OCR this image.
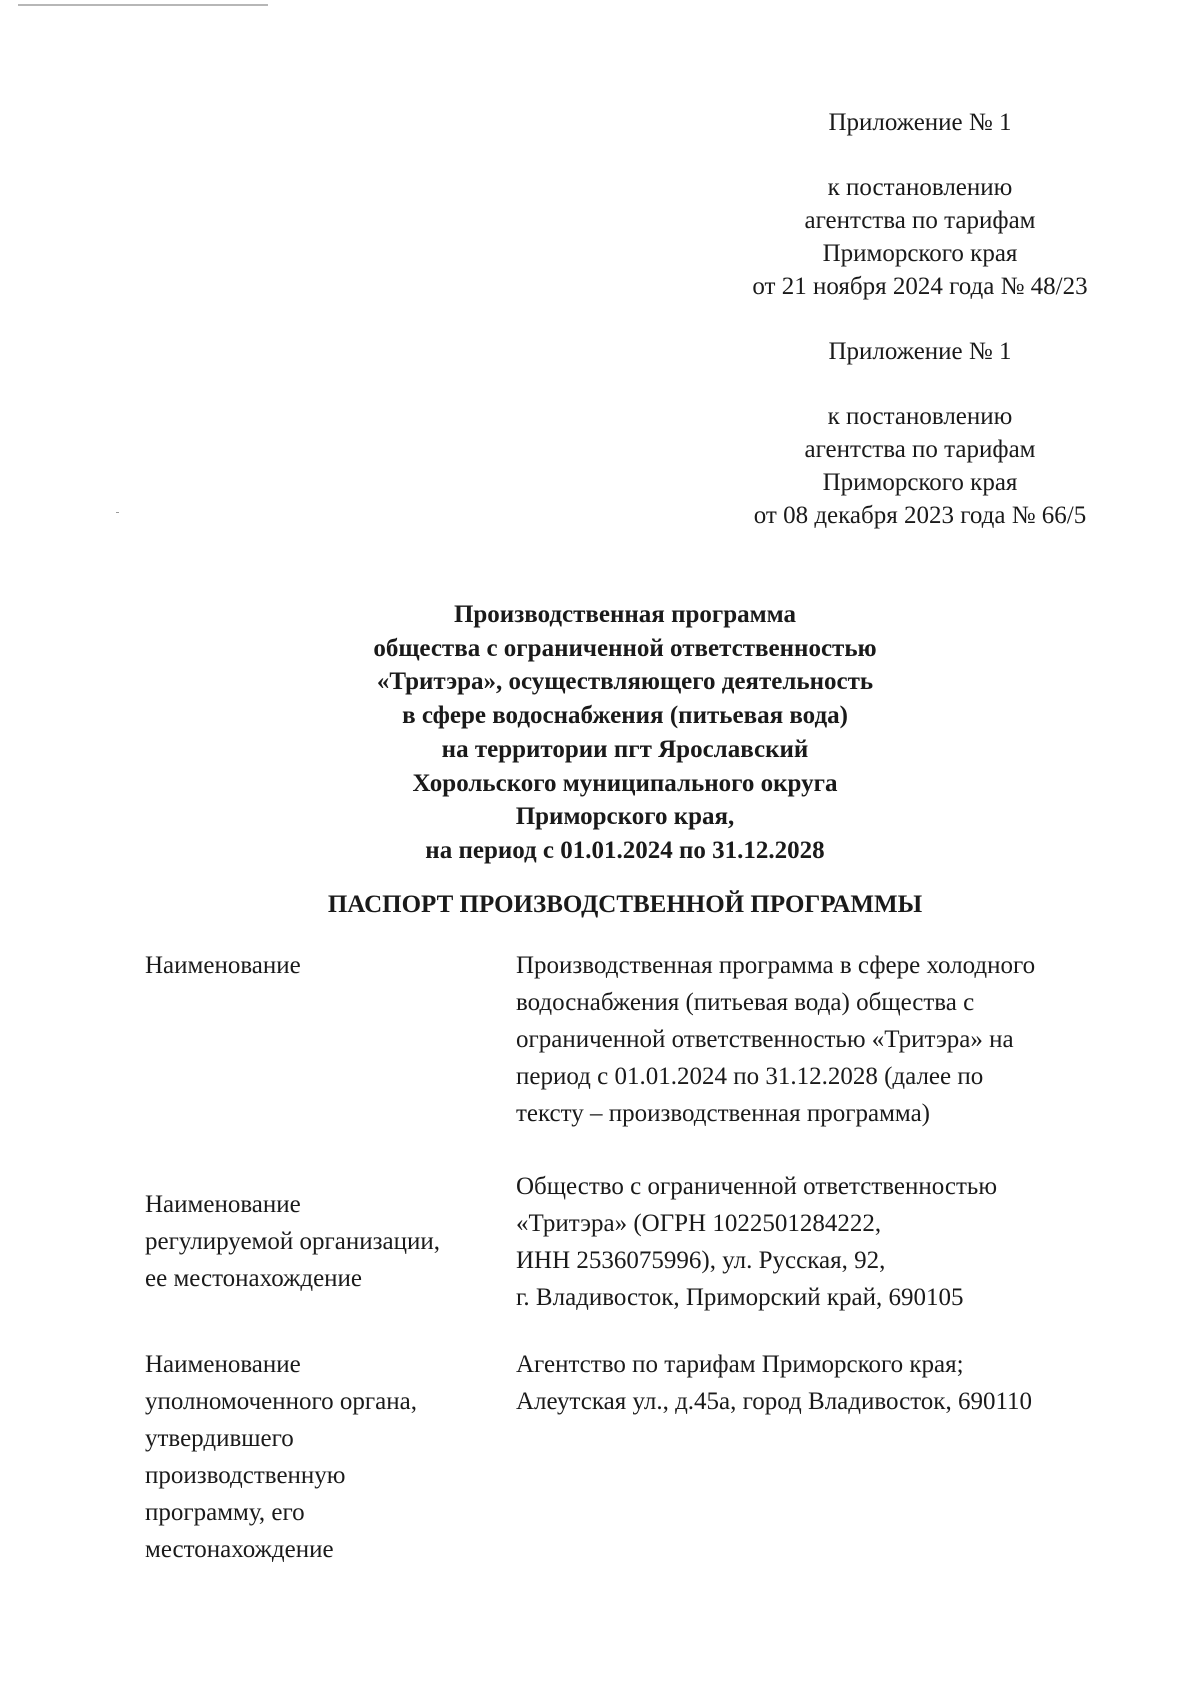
Приложение № 1

к постановлению

агентства по тарифам

Приморского края

от 21 ноября 2024 года № 48/23

Приложение № 1

к постановлению

агентства по тарифам

Приморского края

от 08 декабря 2023 года № 66/5

Производственная программа

общества с ограниченной ответственностью

«Тритэра», осуществляющего деятельность

в сфере водоснабжения (питьевая вода)

на территории пгт Ярославский

Хорольского муниципального округа

Приморского края,

на период с 01.01.2024 по 31.12.2028

ПАСПОРТ ПРОИЗВОДСТВЕННОЙ ПРОГРАММЫ

Наименование	Производственная программа в сфере холодного

водоснабжения (питьевая вода) общества с

ограниченной ответственностью «Тритэра» на

период с 01.01.2024 по 31.12.2028 (далее по

тексту – производственная программа)

Наименование

регулируемой организации,

ее местонахождение

Общество с ограниченной ответственностью

«Тритэра» (ОГРН 1022501284222,

ИНН 2536075996), ул. Русская, 92,

г. Владивосток, Приморский край, 690105

Наименование

уполномоченного органа,

утвердившего

производственную

программу, его

местонахождение

Агентство по тарифам Приморского края;

Алеутская ул., д.45а, город Владивосток, 690110
